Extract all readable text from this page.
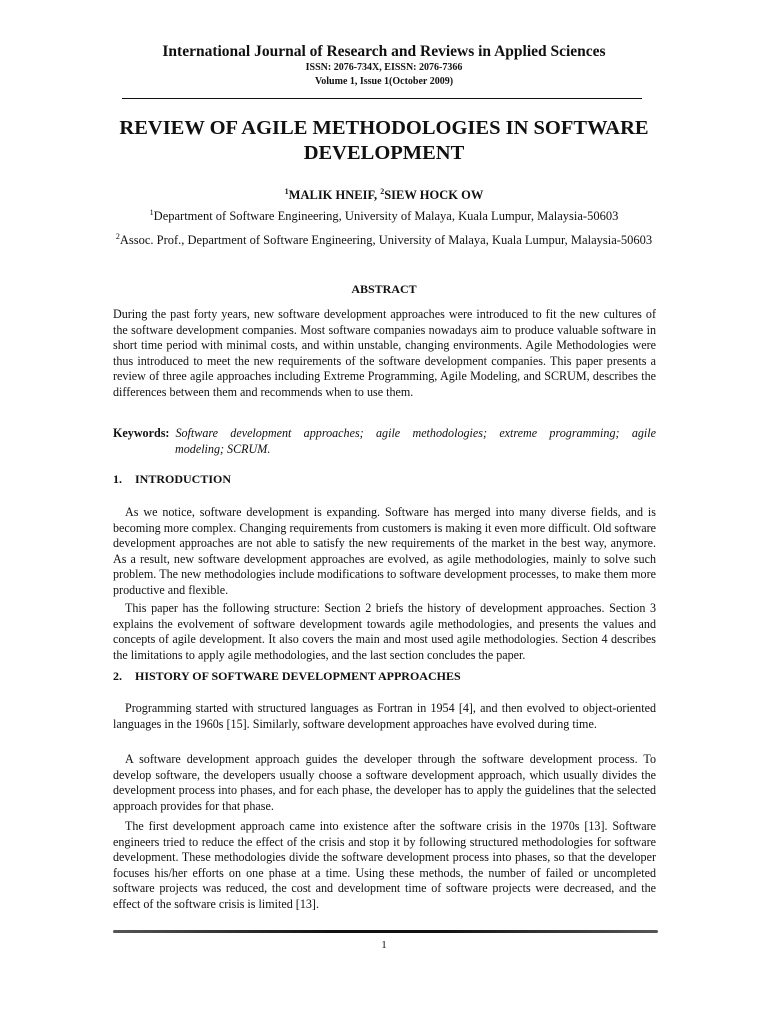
International Journal of Research and Reviews in Applied Sciences
ISSN: 2076-734X, EISSN: 2076-7366
Volume 1, Issue 1(October 2009)
REVIEW OF AGILE METHODOLOGIES IN SOFTWARE DEVELOPMENT
$^1$MALIK HNEIF, $^2$SIEW HOCK OW
$^1$Department of Software Engineering, University of Malaya, Kuala Lumpur, Malaysia-50603
$^2$Assoc. Prof., Department of Software Engineering, University of Malaya, Kuala Lumpur, Malaysia-50603
ABSTRACT

During the past forty years, new software development approaches were introduced to fit the new cultures of the software development companies. Most software companies nowadays aim to produce valuable software in short time period with minimal costs, and within unstable, changing environments. Agile Methodologies were thus introduced to meet the new requirements of the software development companies. This paper presents a review of three agile approaches including Extreme Programming, Agile Modeling, and SCRUM, describes the differences between them and recommends when to use them.

Keywords: Software development approaches; agile methodologies; extreme programming; agile
modeling; SCRUM.
1. INTRODUCTION

As we notice, software development is expanding. Software has merged into many diverse fields, and is becoming more complex. Changing requirements from customers is making it even more difficult. Old software development approaches are not able to satisfy the new requirements of the market in the best way, anymore. As a result, new software development approaches are evolved, as agile methodologies, mainly to solve such problem. The new methodologies include modifications to software development processes, to make them more productive and flexible.

This paper has the following structure: Section 2 briefs the history of development approaches. Section 3 explains the evolvement of software development towards agile methodologies, and presents the values and concepts of agile development. It also covers the main and most used agile methodologies. Section 4 describes the limitations to apply agile methodologies, and the last section concludes the paper.

2. HISTORY OF SOFTWARE DEVELOPMENT APPROACHES

Programming started with structured languages as Fortran in 1954 [4], and then evolved to object-oriented languages in the 1960s [15]. Similarly, software development approaches have evolved during time.

A software development approach guides the developer through the software development process. To develop software, the developers usually choose a software development approach, which usually divides the development process into phases, and for each phase, the developer has to apply the guidelines that the selected approach provides for that phase.

The first development approach came into existence after the software crisis in the 1970s [13]. Software engineers tried to reduce the effect of the crisis and stop it by following structured methodologies for software development. These methodologies divide the software development process into phases, so that the developer focuses his/her efforts on one phase at a time. Using these methods, the number of failed or uncompleted software projects was reduced, the cost and development time of software projects were decreased, and the effect of the software crisis is limited [13].

1
